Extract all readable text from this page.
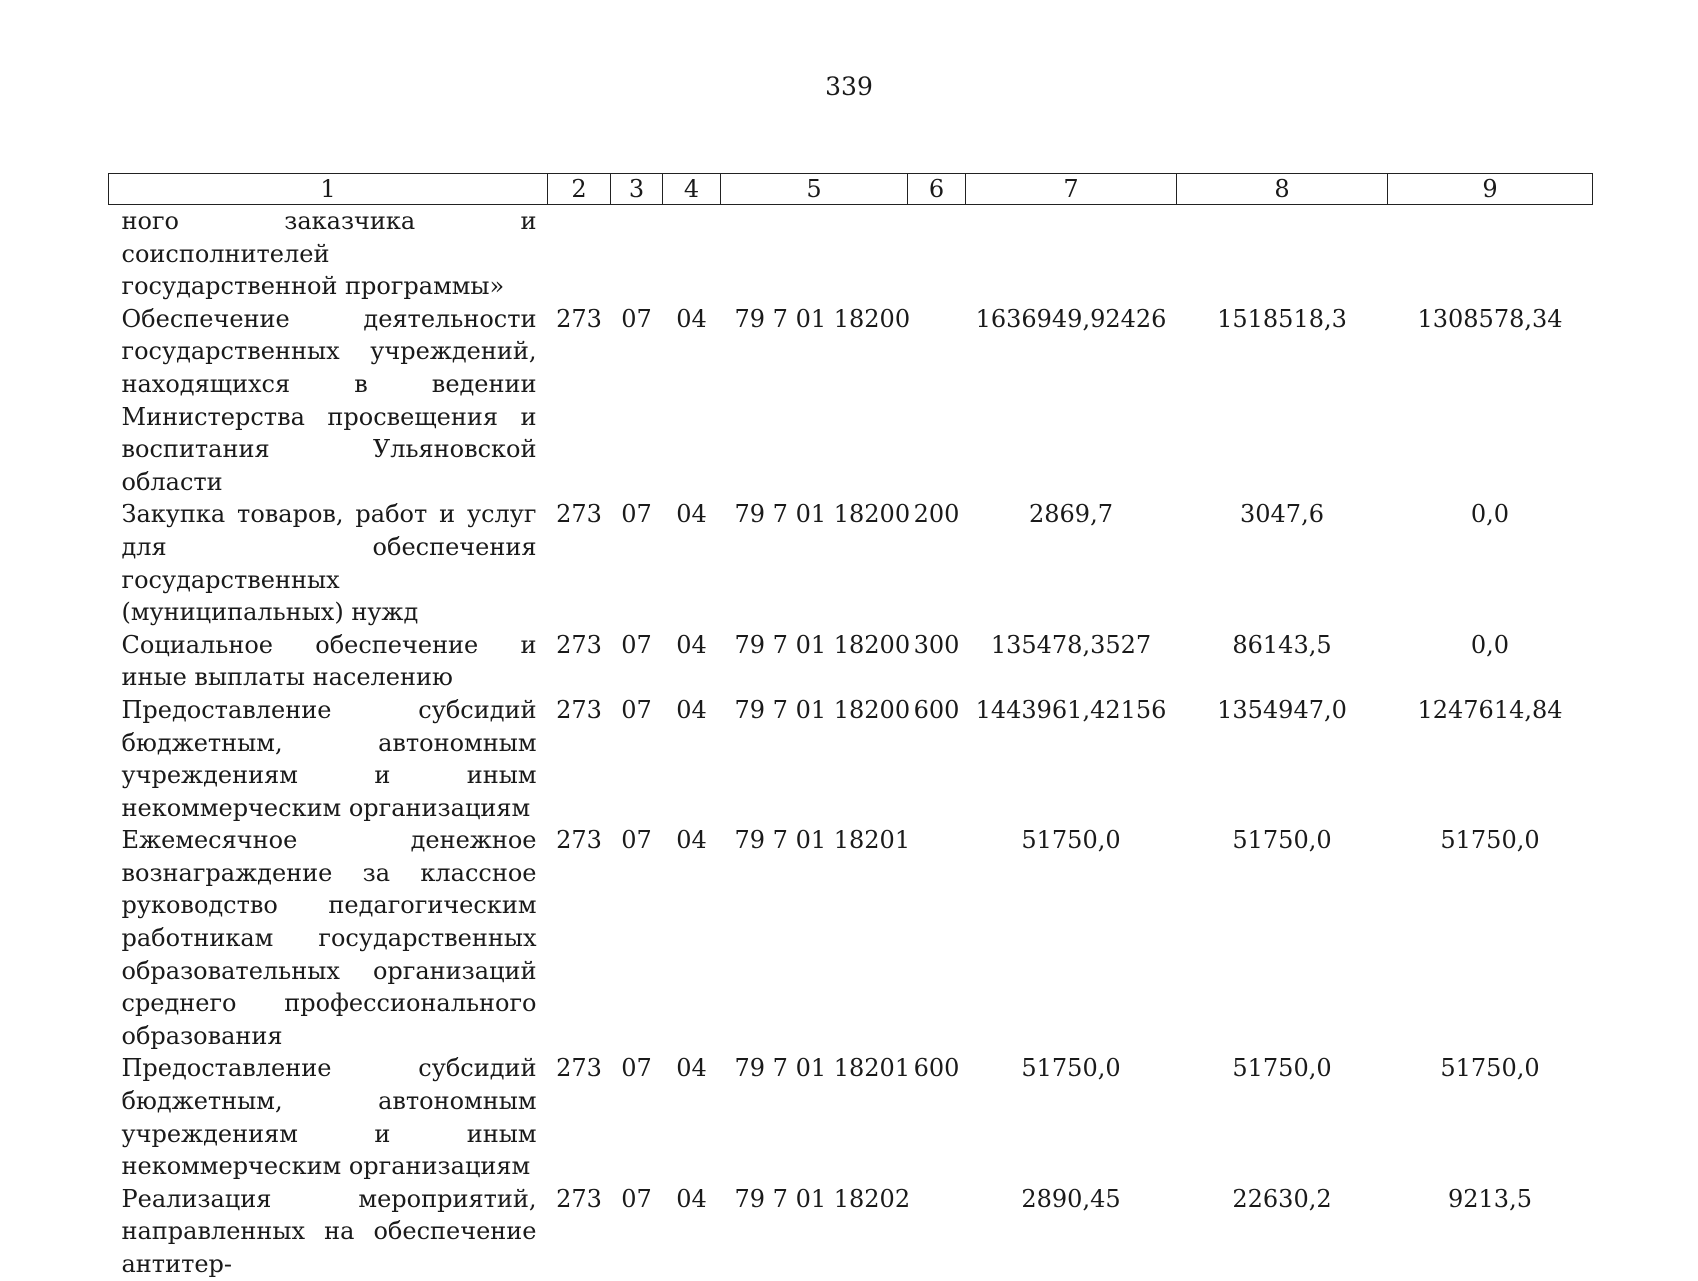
339
1	2	3	4	5	6	7	8	9
ного заказчика и соисполнителей государственной программы»								
Обеспечение деятельности государственных учреждений, находящихся в ведении Министерства просвещения и воспитания Ульяновской области	273	07	04	79 7 01 18200		1636949,92426	1518518,3	1308578,34
Закупка товаров, работ и услуг для обеспечения государственных (муниципальных) нужд	273	07	04	79 7 01 18200	200	2869,7	3047,6	0,0
Социальное обеспечение и иные выплаты населению	273	07	04	79 7 01 18200	300	135478,3527	86143,5	0,0
Предоставление субсидий бюджетным, автономным учреждениям и иным некоммерческим организациям	273	07	04	79 7 01 18200	600	1443961,42156	1354947,0	1247614,84
Ежемесячное денежное вознаграждение за классное руководство педагогическим работникам государственных образовательных организаций среднего профессионального образования	273	07	04	79 7 01 18201		51750,0	51750,0	51750,0
Предоставление субсидий бюджетным, автономным учреждениям и иным некоммерческим организациям	273	07	04	79 7 01 18201	600	51750,0	51750,0	51750,0
Реализация мероприятий, направленных на обеспечение антитер-	273	07	04	79 7 01 18202		2890,45	22630,2	9213,5
